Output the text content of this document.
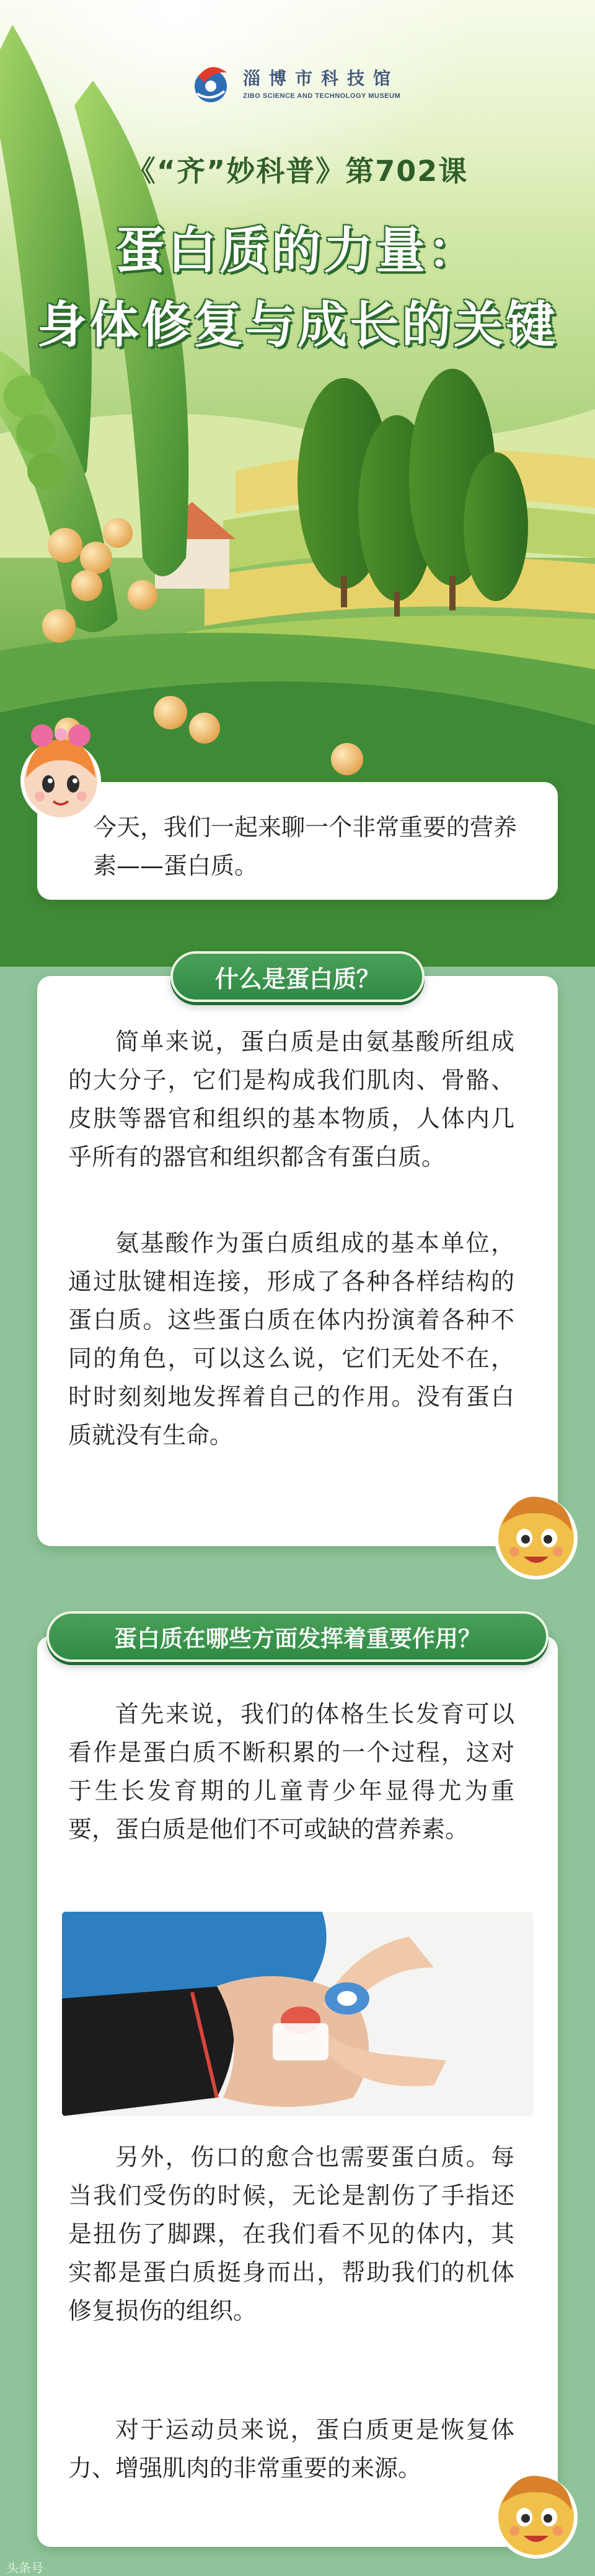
淄博市科技馆
ZIBO SCIENCE AND TECHNOLOGY MUSEUM
《“齐”妙科普》第702课
蛋白质的力量：
身体修复与成长的关键
今天，我们一起来聊一个非常重要的营养素——蛋白质。
什么是蛋白质？
简单来说，蛋白质是由氨基酸所组成的大分子，它们是构成我们肌肉、骨骼、皮肤等器官和组织的基本物质，人体内几乎所有的器官和组织都含有蛋白质。
氨基酸作为蛋白质组成的基本单位，通过肽键相连接，形成了各种各样结构的蛋白质。这些蛋白质在体内扮演着各种不同的角色，可以这么说，它们无处不在，时时刻刻地发挥着自己的作用。没有蛋白质就没有生命。
蛋白质在哪些方面发挥着重要作用？
首先来说，我们的体格生长发育可以看作是蛋白质不断积累的一个过程，这对于生长发育期的儿童青少年显得尤为重要，蛋白质是他们不可或缺的营养素。
另外，伤口的愈合也需要蛋白质。每当我们受伤的时候，无论是割伤了手指还是扭伤了脚踝，在我们看不见的体内，其实都是蛋白质挺身而出，帮助我们的机体修复损伤的组织。
对于运动员来说，蛋白质更是恢复体力、增强肌肉的非常重要的来源。
头条号
